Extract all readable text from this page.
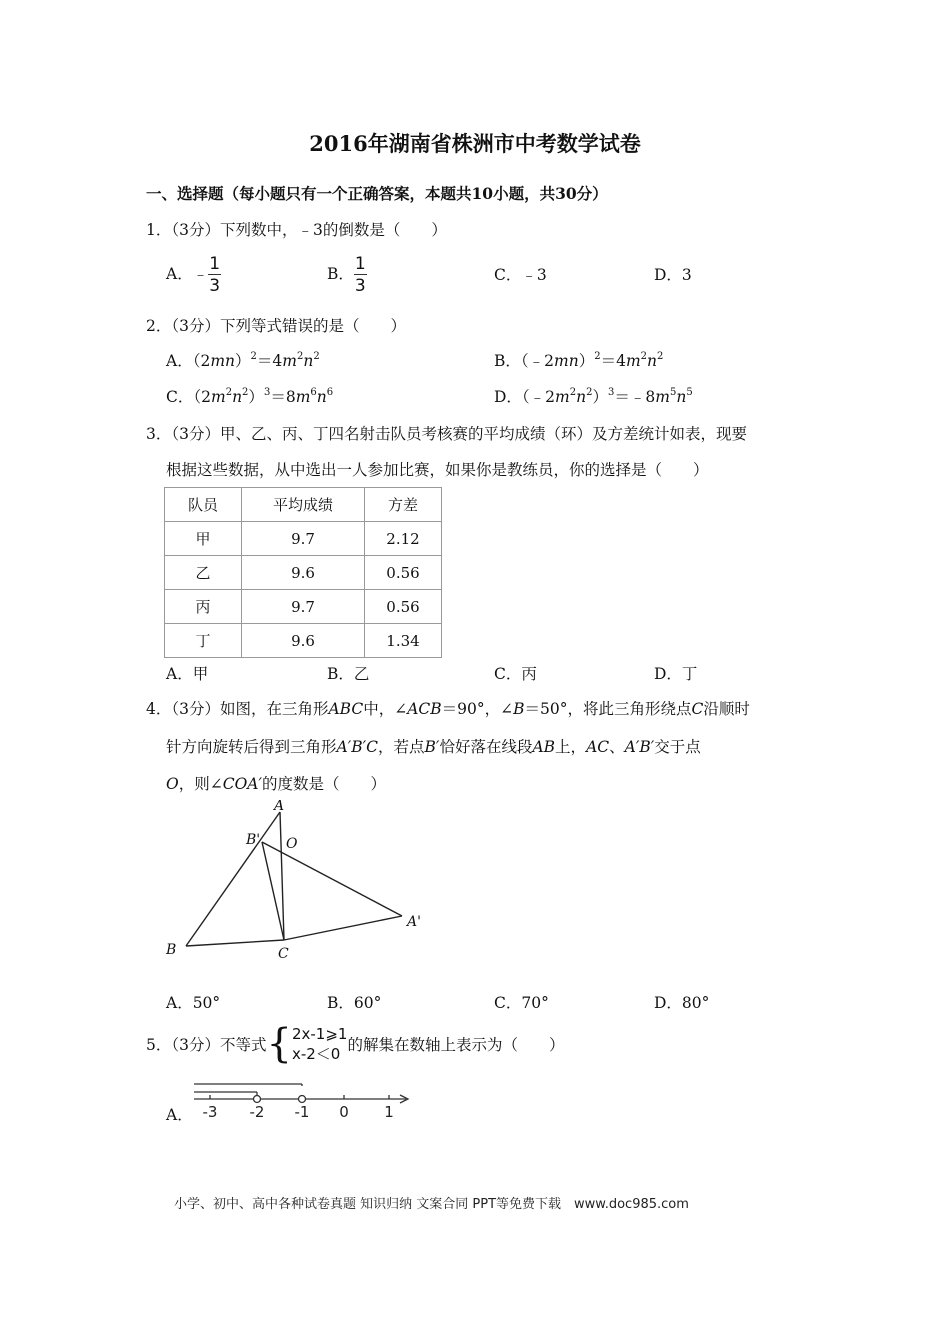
2016年湖南省株洲市中考数学试卷
一、选择题（每小题只有一个正确答案，本题共10小题，共30分）
1．（3分）下列数中，﹣3的倒数是（　　）
A．﹣ $\frac{1}{3}$	B． $\frac{1}{3}$	C．﹣3	D．3
2．（3分）下列等式错误的是（　　）
A．$(2mn)^2=4m^2n^2$	B．$(﹣2mn)^2=4m^2n^2$
C．$(2m^2n^2)^3=8m^6n^6$	D．$(﹣2m^2n^2)^3=﹣8m^5n^5$
3．（3分）甲、乙、丙、丁四名射击队员考核赛的平均成绩（环）及方差统计如表，现要
根据这些数据，从中选出一人参加比赛，如果你是教练员，你的选择是（　　）
队员	平均成绩	方差
甲	9.7	2.12
乙	9.6	0.56
丙	9.7	0.56
丁	9.6	1.34
A．甲	B．乙	C．丙	D．丁
4．（3分）如图，在三角形ABC中，∠ACB＝90°，∠B＝50°，将此三角形绕点C沿顺时
针方向旋转后得到三角形A′B′C，若点B′恰好落在线段AB上，AC、A′B′交于点
O，则∠COA′的度数是（　　）
A
B' O
A'
B	C
A．50°	B．60°	C．70°	D．80°
5．（3分）不等式{ 2x-1⩾1
x-2＜0 的解集在数轴上表示为（　　）
A． -3 -2 -1 0 1
小学、初中、高中各种试卷真题 知识归纳 文案合同 PPT等免费下载　www.doc985.com
